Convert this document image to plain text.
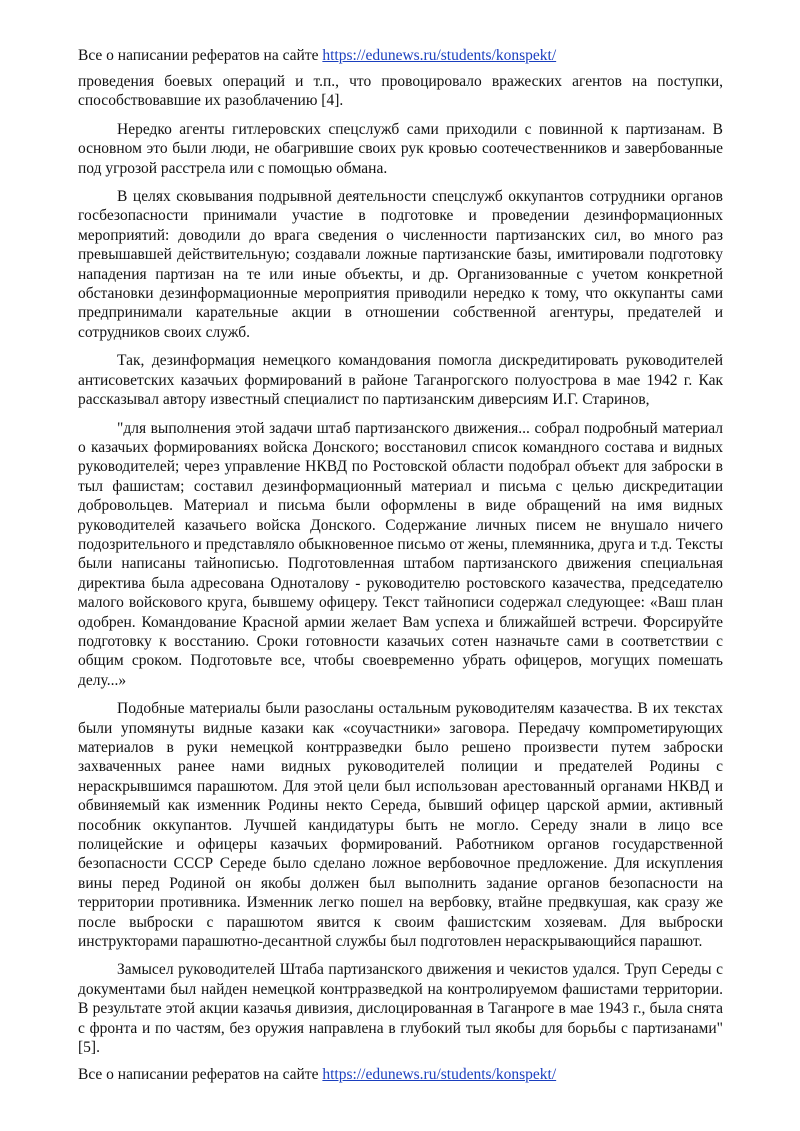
Все о написании рефератов на сайте https://edunews.ru/students/konspekt/

проведения боевых операций и т.п., что провоцировало вражеских агентов на поступки, способствовавшие их разоблачению [4].

Нередко агенты гитлеровских спецслужб сами приходили с повинной к партизанам. В основном это были люди, не обагрившие своих рук кровью соотечественников и завербованные под угрозой расстрела или с помощью обмана.

В целях сковывания подрывной деятельности спецслужб оккупантов сотрудники органов госбезопасности принимали участие в подготовке и проведении дезинформационных мероприятий: доводили до врага сведения о численности партизанских сил, во много раз превышавшей действительную; создавали ложные партизанские базы, имитировали подготовку нападения партизан на те или иные объекты, и др. Организованные с учетом конкретной обстановки дезинформационные мероприятия приводили нередко к тому, что оккупанты сами предпринимали карательные акции в отношении собственной агентуры, предателей и сотрудников своих служб.

Так, дезинформация немецкого командования помогла дискредитировать руководителей антисоветских казачьих формирований в районе Таганрогского полуострова в мае 1942 г. Как рассказывал автору известный специалист по партизанским диверсиям И.Г. Старинов,

"для выполнения этой задачи штаб партизанского движения... собрал подробный материал о казачьих формированиях войска Донского; восстановил список командного состава и видных руководителей; через управление НКВД по Ростовской области подобрал объект для заброски в тыл фашистам; составил дезинформационный материал и письма с целью дискредитации добровольцев. Материал и письма были оформлены в виде обращений на имя видных руководителей казачьего войска Донского. Содержание личных писем не внушало ничего подозрительного и представляло обыкновенное письмо от жены, племянника, друга и т.д. Тексты были написаны тайнописью. Подготовленная штабом партизанского движения специальная директива была адресована Одноталову - руководителю ростовского казачества, председателю малого войскового круга, бывшему офицеру. Текст тайнописи содержал следующее: «Ваш план одобрен. Командование Красной армии желает Вам успеха и ближайшей встречи. Форсируйте подготовку к восстанию. Сроки готовности казачьих сотен назначьте сами в соответствии с общим сроком. Подготовьте все, чтобы своевременно убрать офицеров, могущих помешать делу...»

Подобные материалы были разосланы остальным руководителям казачества. В их текстах были упомянуты видные казаки как «соучастники» заговора. Передачу компрометирующих материалов в руки немецкой контрразведки было решено произвести путем заброски захваченных ранее нами видных руководителей полиции и предателей Родины с нераскрывшимся парашютом. Для этой цели был использован арестованный органами НКВД и обвиняемый как изменник Родины некто Середа, бывший офицер царской армии, активный пособник оккупантов. Лучшей кандидатуры быть не могло. Середу знали в лицо все полицейские и офицеры казачьих формирований. Работником органов государственной безопасности СССР Середе было сделано ложное вербовочное предложение. Для искупления вины перед Родиной он якобы должен был выполнить задание органов безопасности на территории противника. Изменник легко пошел на вербовку, втайне предвкушая, как сразу же после выброски с парашютом явится к своим фашистским хозяевам. Для выброски инструкторами парашютно-десантной службы был подготовлен нераскрывающийся парашют.

Замысел руководителей Штаба партизанского движения и чекистов удался. Труп Середы с документами был найден немецкой контрразведкой на контролируемом фашистами территории. В результате этой акции казачья дивизия, дислоцированная в Таганроге в мае 1943 г., была снята с фронта и по частям, без оружия направлена в глубокий тыл якобы для борьбы с партизанами" [5].

Все о написании рефератов на сайте https://edunews.ru/students/konspekt/
